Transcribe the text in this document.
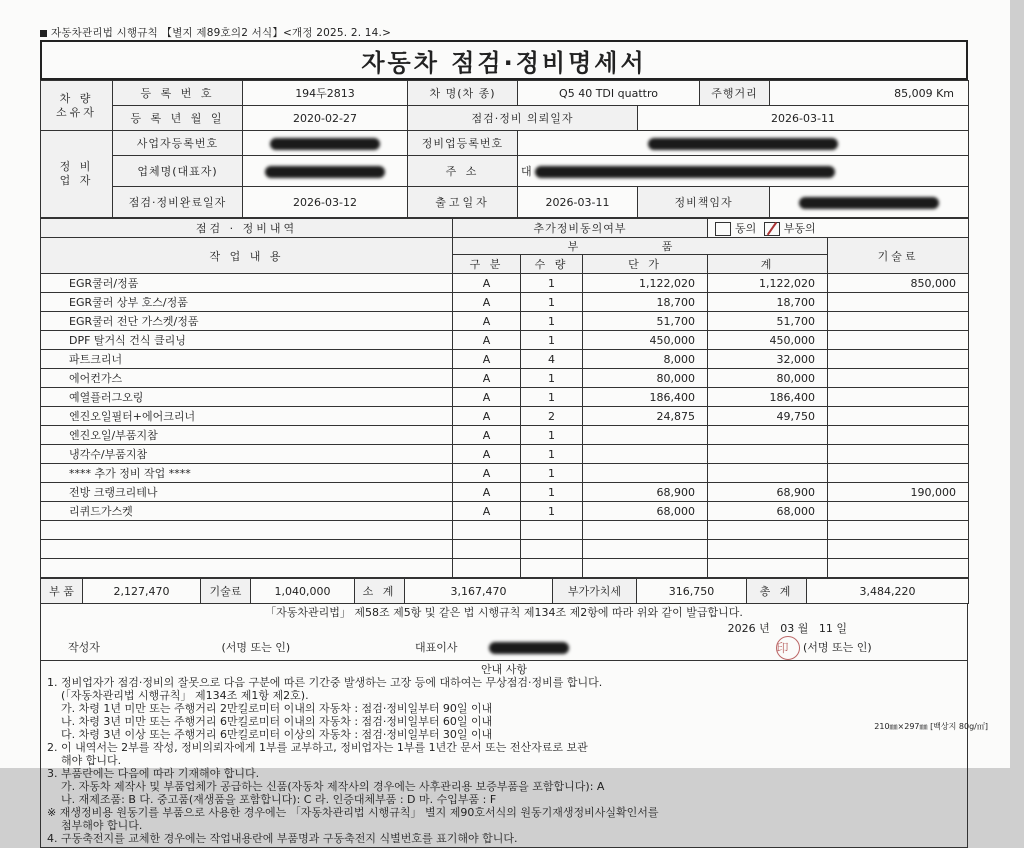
자동차관리법 시행규칙 【별지 제89호의2 서식】<개정 2025. 2. 14.>
자동차 점검·정비명세서
차 량
소유자	등 록 번 호	194두2813	차 명(차 종)	Q5 40 TDI quattro		주행거리	85,009 Km
	등 록 년 월 일	2020-02-27	점검·정비 의뢰일자		2026-03-11		
정 비
업 자	사업자등록번호		정비업등록번호				
	업체명(대표자)		주 소	대			
	점검·정비완료일자	2026-03-12	출고일자	2026-03-11	정비책임자		
점검 · 정비내역	추가정비동의여부			동의 부동의	
작 업 내 용	부 품				기술료
	구 분	수 량	단 가	계	
EGR쿨러/정품	A	1	1,122,020	1,122,020	850,000
EGR쿨러 상부 호스/정품	A	1	18,700	18,700	
EGR쿨러 전단 가스켓/정품	A	1	51,700	51,700	
DPF 탈거식 건식 클리닝	A	1	450,000	450,000	
파트크리너	A	4	8,000	32,000	
에어컨가스	A	1	80,000	80,000	
예열플러그오링	A	1	186,400	186,400	
엔진오일필터+에어크리너	A	2	24,875	49,750	
엔진오일/부품지참	A	1			
냉각수/부품지참	A	1			
**** 추가 정비 작업 ****	A	1			
전방 크랭크리테나	A	1	68,900	68,900	190,000
리퀴드가스켓	A	1	68,000	68,000	

부 품	2,127,470	기술료	1,040,000	소 계	3,167,470	부가가치세	316,750	총 계	3,484,220
「자동차관리법」 제58조 제5항 및 같은 법 시행규칙 제134조 제2항에 따라 위와 같이 발급합니다.
2026 년 03 월 11 일
작성자	(서명 또는 인)	대표이사	印 (서명 또는 인)
안내 사항
1. 정비업자가 점검·정비의 잘못으로 다음 구분에 따른 기간중 발생하는 고장 등에 대하여는 무상점검·정비를 합니다.
(「자동차관리법 시행규칙」 제134조 제1항 제2호).
가. 차령 1년 미만 또는 주행거리 2만킬로미터 이내의 자동차 : 점검·정비일부터 90일 이내
나. 차령 3년 미만 또는 주행거리 6만킬로미터 이내의 자동차 : 점검·정비일부터 60일 이내
다. 차령 3년 이상 또는 주행거리 6만킬로미터 이상의 자동차 : 점검·정비일부터 30일 이내
2. 이 내역서는 2부를 작성, 정비의뢰자에게 1부를 교부하고, 정비업자는 1부를 1년간 문서 또는 전산자료로 보관
해야 합니다.
3. 부품란에는 다음에 따라 기재해야 합니다.
가. 자동차 제작사 및 부품업체가 공급하는 신품(자동차 제작사의 경우에는 사후관리용 보증부품을 포함합니다): A
나. 재제조품: B 다. 중고품(재생품을 포함합니다): C 라. 인증대체부품 : D 마. 수입부품 : F
※ 재생정비용 원동기를 부품으로 사용한 경우에는 「자동차관리법 시행규칙」 별지 제90호서식의 원동기재생정비사실확인서를
첨부해야 합니다.
4. 구동축전지를 교체한 경우에는 작업내용란에 부품명과 구동축전지 식별번호를 표기해야 합니다.
210㎜×297㎜ [백상지 80g/㎡]
